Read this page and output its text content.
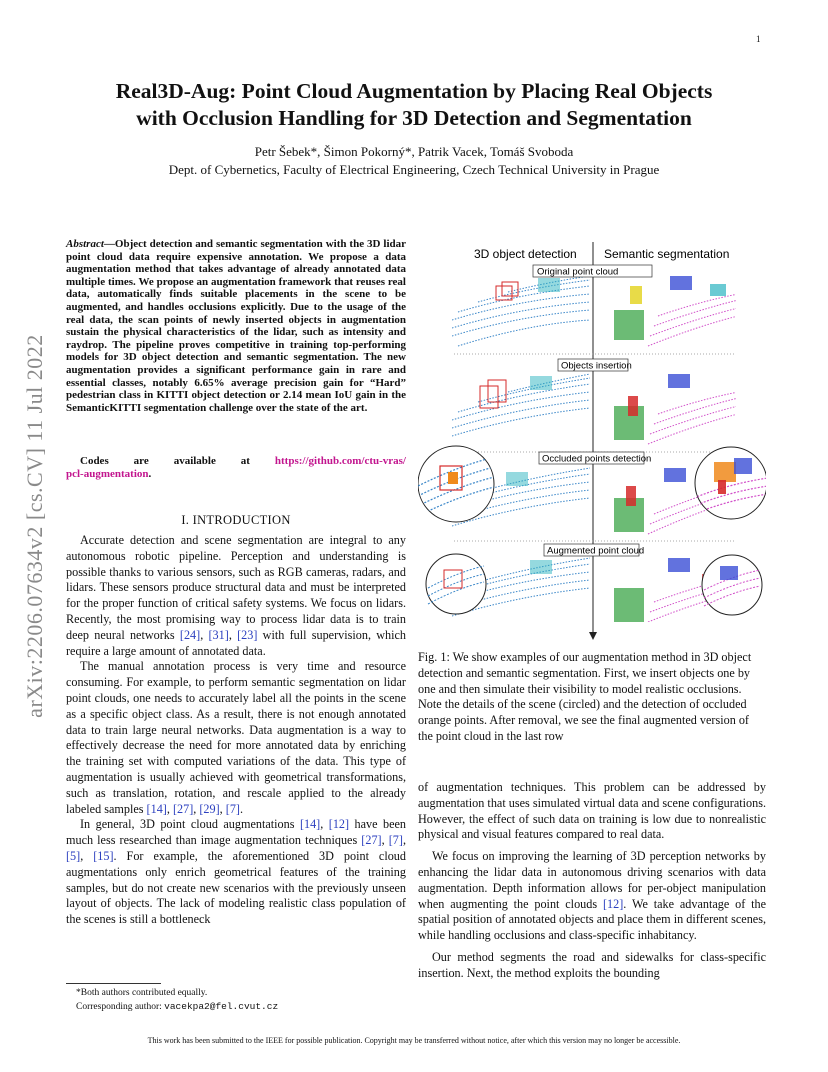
1
arXiv:2206.07634v2 [cs.CV] 11 Jul 2022
Real3D-Aug: Point Cloud Augmentation by Placing Real Objects
with Occlusion Handling for 3D Detection and Segmentation
Petr Šebek*, Šimon Pokorný*, Patrik Vacek, Tomáš Svoboda
Dept. of Cybernetics, Faculty of Electrical Engineering, Czech Technical University in Prague
Abstract—Object detection and semantic segmentation with the 3D lidar point cloud data require expensive annotation. We propose a data augmentation method that takes advantage of already annotated data multiple times. We propose an augmentation framework that reuses real data, automatically finds suitable placements in the scene to be augmented, and handles occlusions explicitly. Due to the usage of the real data, the scan points of newly inserted objects in augmentation sustain the physical characteristics of the lidar, such as intensity and raydrop. The pipeline proves competitive in training top-performing models for 3D object detection and semantic segmentation. The new augmentation provides a significant performance gain in rare and essential classes, notably 6.65% average precision gain for “Hard” pedestrian class in KITTI object detection or 2.14 mean IoU gain in the SemanticKITTI segmentation challenge over the state of the art.
Codes are available at https://github.com/ctu-vras/
pcl-augmentation.
I. INTRODUCTION

Accurate detection and scene segmentation are integral to any autonomous robotic pipeline. Perception and understanding is possible thanks to various sensors, such as RGB cameras, radars, and lidars. These sensors produce structural data and must be interpreted for the proper function of critical safety systems. We focus on lidars. Recently, the most promising way to process lidar data is to train deep neural networks [24], [31], [23] with full supervision, which require a large amount of annotated data.

The manual annotation process is very time and resource consuming. For example, to perform semantic segmentation on lidar point clouds, one needs to accurately label all the points in the scene as a specific object class. As a result, there is not enough annotated data to train large neural networks. Data augmentation is a way to effectively decrease the need for more annotated data by enriching the training set with computed variations of the data. This type of augmentation is usually achieved with geometrical transformations, such as translation, rotation, and rescale applied to the already labeled samples [14], [27], [29], [7].

In general, 3D point cloud augmentations [14], [12] have been much less researched than image augmentation techniques [27], [7], [5], [15]. For example, the aforementioned 3D point cloud augmentations only enrich geometrical features of the training samples, but do not create new scenarios with the previously unseen layout of objects. The lack of modeling realistic class population of the scenes is still a bottleneck

*Both authors contributed equally.
Corresponding author: vacekpa2@fel.cvut.cz
3D object detection Semantic segmentation
Original point cloud
Objects insertion
Occluded points detection
Augmented point cloud
Fig. 1: We show examples of our augmentation method in 3D object detection and semantic segmentation. First, we insert objects one by one and then simulate their visibility to model realistic occlusions. Note the details of the scene (circled) and the detection of occluded orange points. After removal, we see the final augmented version of the point cloud in the last row

of augmentation techniques. This problem can be addressed by augmentation that uses simulated virtual data and scene configurations. However, the effect of such data on training is low due to nonrealistic physical and visual features compared to real data.

We focus on improving the learning of 3D perception networks by enhancing the lidar data in autonomous driving scenarios with data augmentation. Depth information allows for per-object manipulation when augmenting the point clouds [12]. We take advantage of the spatial position of annotated objects and place them in different scenes, while handling occlusions and class-specific inhabitancy.

Our method segments the road and sidewalks for class-specific insertion. Next, the method exploits the bounding

This work has been submitted to the IEEE for possible publication. Copyright may be transferred without notice, after which this version may no longer be accessible.
